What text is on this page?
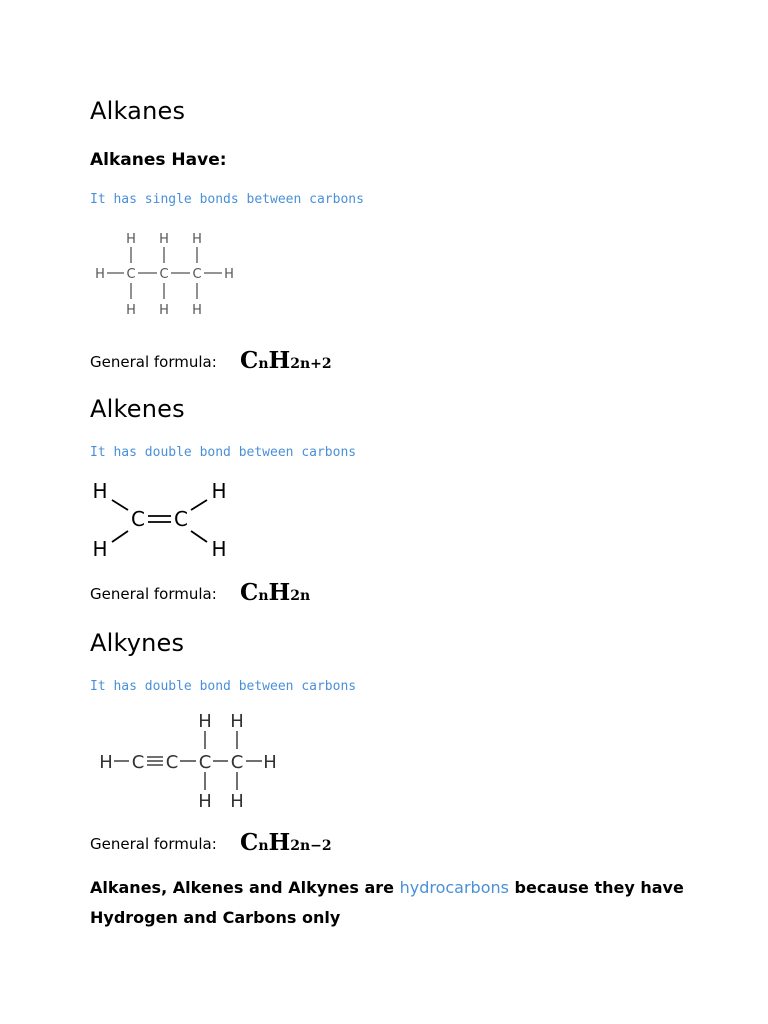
Alkanes
Alkanes Have:
It has single bonds between carbons
H H H
H C C C H
H H H
General formula: CnH2n+2
Alkenes
It has double bond between carbons
H	H
C C
H	H
General formula: CnH2n
Alkynes
It has double bond between carbons
H H
H C C C C H
H H
General formula: CnH2n−2
Alkanes, Alkenes and Alkynes are hydrocarbons because they have Hydrogen and Carbons only
